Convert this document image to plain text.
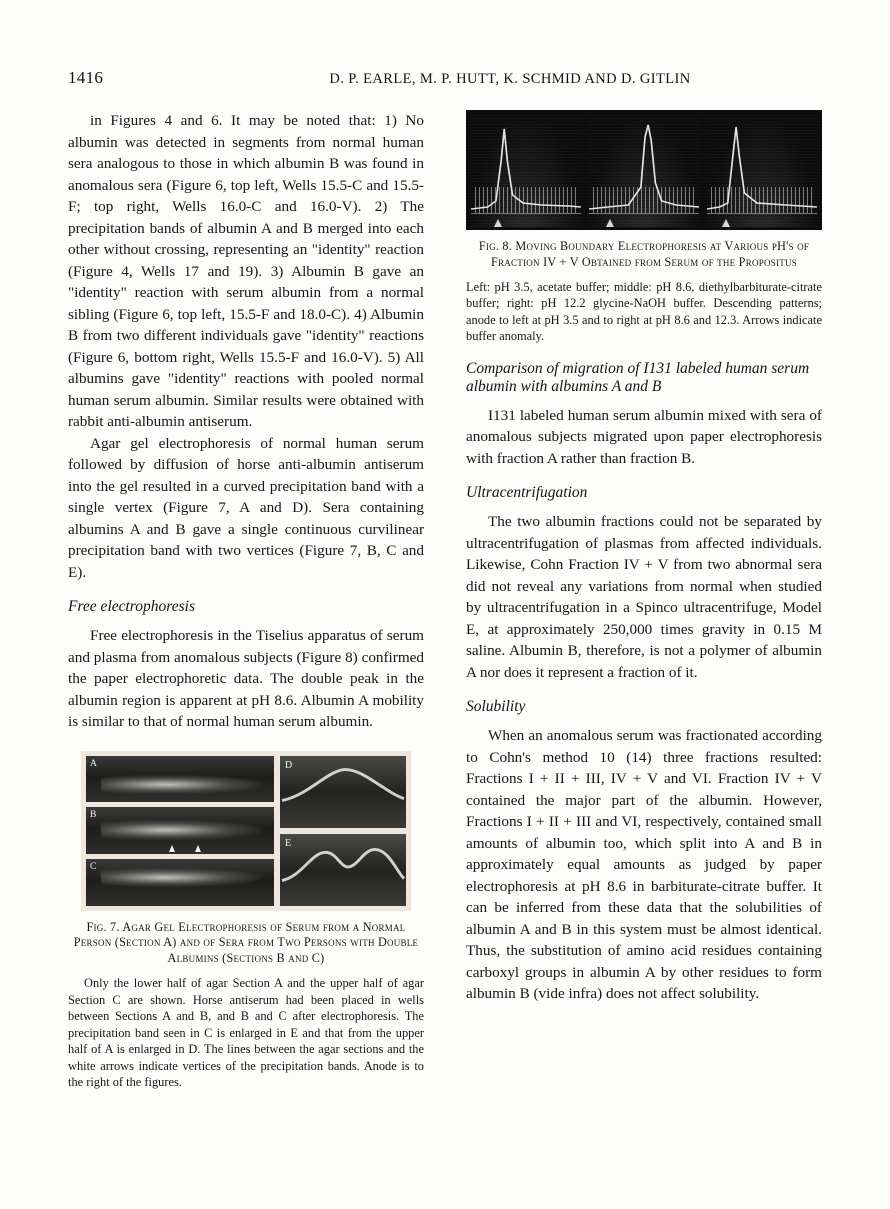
1416	D. P. EARLE, M. P. HUTT, K. SCHMID AND D. GITLIN

in Figures 4 and 6. It may be noted that: 1) No albumin was detected in segments from normal human sera analogous to those in which albumin B was found in anomalous sera (Figure 6, top left, Wells 15.5-C and 15.5-F; top right, Wells 16.0-C and 16.0-V). 2) The precipitation bands of albumin A and B merged into each other without crossing, representing an "identity" reaction (Figure 4, Wells 17 and 19). 3) Albumin B gave an "identity" reaction with serum albumin from a normal sibling (Figure 6, top left, 15.5-F and 18.0-C). 4) Albumin B from two different individuals gave "identity" reactions (Figure 6, bottom right, Wells 15.5-F and 16.0-V). 5) All albumins gave "identity" reactions with pooled normal human serum albumin. Similar results were obtained with rabbit anti-albumin antiserum.

Agar gel electrophoresis of normal human serum followed by diffusion of horse anti-albumin antiserum into the gel resulted in a curved precipitation band with a single vertex (Figure 7, A and D). Sera containing albumins A and B gave a single continuous curvilinear precipitation band with two vertices (Figure 7, B, C and E).

Free electrophoresis

Free electrophoresis in the Tiselius apparatus of serum and plasma from anomalous subjects (Figure 8) confirmed the paper electrophoretic data. The double peak in the albumin region is apparent at pH 8.6. Albumin A mobility is similar to that of normal human serum albumin.

A
B
C
D
E
Fig. 7. Agar Gel Electrophoresis of Serum from a Normal Person (Section A) and of Sera from Two Persons with Double Albumins (Sections B and C)
Only the lower half of agar Section A and the upper half of agar Section C are shown. Horse antiserum had been placed in wells between Sections A and B, and B and C after electrophoresis. The precipitation band seen in C is enlarged in E and that from the upper half of A is enlarged in D. The lines between the agar sections and the white arrows indicate vertices of the precipitation bands. Anode is to the right of the figures.
Fig. 8. Moving Boundary Electrophoresis at Various pH's of Fraction IV + V Obtained from Serum of the Propositus
Left: pH 3.5, acetate buffer; middle: pH 8.6, diethylbarbiturate-citrate buffer; right: pH 12.2 glycine-NaOH buffer. Descending patterns; anode to left at pH 3.5 and to right at pH 8.6 and 12.3. Arrows indicate buffer anomaly.
Comparison of migration of I131 labeled human serum albumin with albumins A and B

I131 labeled human serum albumin mixed with sera of anomalous subjects migrated upon paper electrophoresis with fraction A rather than fraction B.

Ultracentrifugation

The two albumin fractions could not be separated by ultracentrifugation of plasmas from affected individuals. Likewise, Cohn Fraction IV + V from two abnormal sera did not reveal any variations from normal when studied by ultracentrifugation in a Spinco ultracentrifuge, Model E, at approximately 250,000 times gravity in 0.15 M saline. Albumin B, therefore, is not a polymer of albumin A nor does it represent a fraction of it.

Solubility

When an anomalous serum was fractionated according to Cohn's method 10 (14) three fractions resulted: Fractions I + II + III, IV + V and VI. Fraction IV + V contained the major part of the albumin. However, Fractions I + II + III and VI, respectively, contained small amounts of albumin too, which split into A and B in approximately equal amounts as judged by paper electrophoresis at pH 8.6 in barbiturate-citrate buffer. It can be inferred from these data that the solubilities of albumin A and B in this system must be almost identical. Thus, the substitution of amino acid residues containing carboxyl groups in albumin A by other residues to form albumin B (vide infra) does not affect solubility.
